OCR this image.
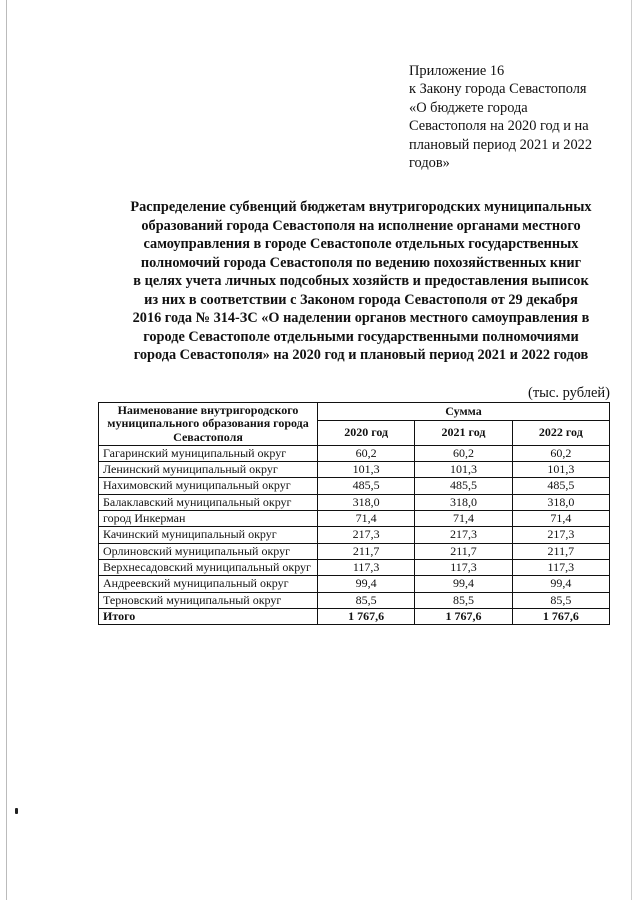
Приложение 16
к Закону города Севастополя
«О бюджете города
Севастополя на 2020 год и на
плановый период 2021 и 2022
годов»
Распределение субвенций бюджетам внутригородских муниципальных
образований города Севастополя на исполнение органами местного
самоуправления в городе Севастополе отдельных государственных
полномочий города Севастополя по ведению похозяйственных книг
в целях учета личных подсобных хозяйств и предоставления выписок
из них в соответствии с Законом города Севастополя от 29 декабря
2016 года № 314-ЗС «О наделении органов местного самоуправления в
городе Севастополе отдельными государственными полномочиями
города Севастополя» на 2020 год и плановый период 2021 и 2022 годов
(тыс. рублей)
Наименование внутригородского муниципального образования города Севастополя	Сумма		
	2020 год	2021 год	2022 год
Гагаринский муниципальный округ	60,2	60,2	60,2
Ленинский муниципальный округ	101,3	101,3	101,3
Нахимовский муниципальный округ	485,5	485,5	485,5
Балаклавский муниципальный округ	318,0	318,0	318,0
город Инкерман	71,4	71,4	71,4
Качинский муниципальный округ	217,3	217,3	217,3
Орлиновский муниципальный округ	211,7	211,7	211,7
Верхнесадовский муниципальный округ	117,3	117,3	117,3
Андреевский муниципальный округ	99,4	99,4	99,4
Терновский муниципальный округ	85,5	85,5	85,5
Итого	1 767,6	1 767,6	1 767,6
